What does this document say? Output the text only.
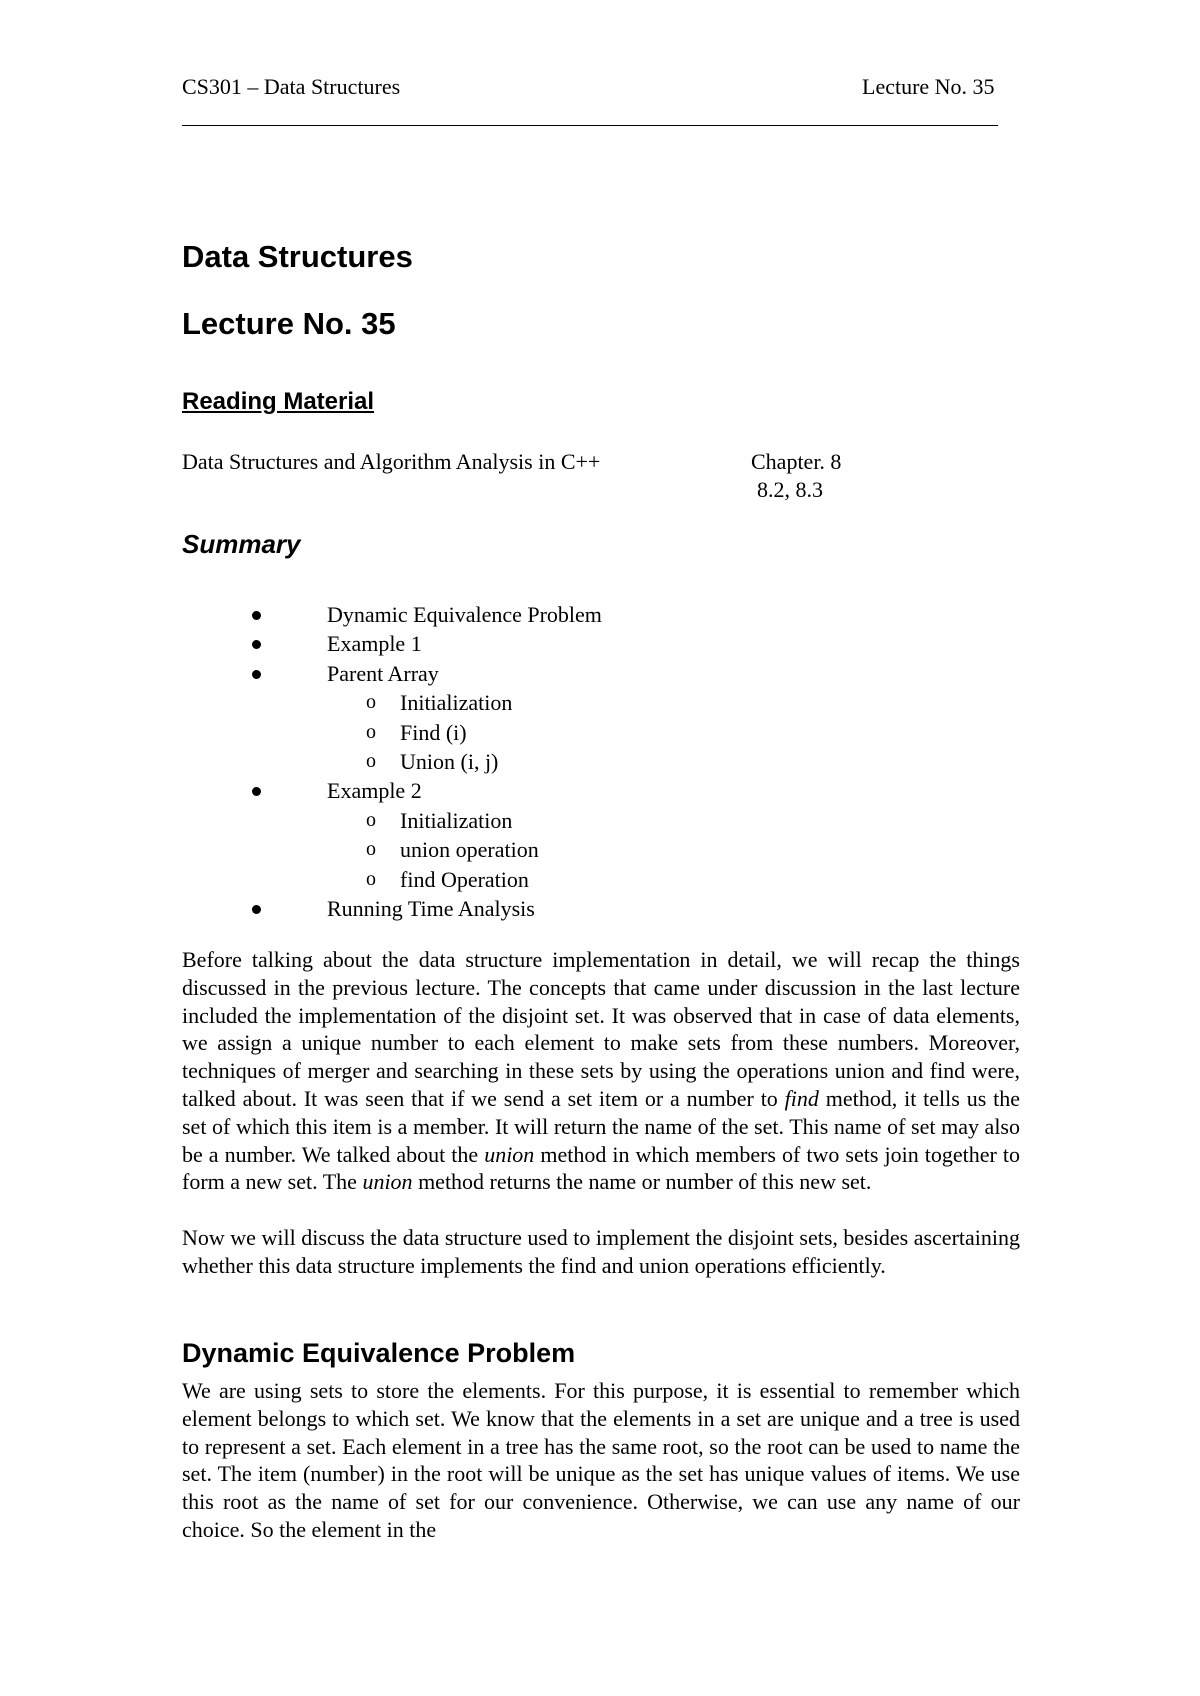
CS301 – Data Structures	Lecture No. 35
Data Structures
Lecture No. 35
Reading Material
Data Structures and Algorithm Analysis in C++	Chapter. 8
8.2, 8.3
Summary
Dynamic Equivalence Problem
Example 1
Parent Array
o Initialization
o Find (i)
o Union (i, j)
Example 2
o Initialization
o union operation
o find Operation
Running Time Analysis

Before talking about the data structure implementation in detail, we will recap the things discussed in the previous lecture. The concepts that came under discussion in the last lecture included the implementation of the disjoint set. It was observed that in case of data elements, we assign a unique number to each element to make sets from these numbers. Moreover, techniques of merger and searching in these sets by using the operations union and find were, talked about. It was seen that if we send a set item or a number to find method, it tells us the set of which this item is a member. It will return the name of the set. This name of set may also be a number. We talked about the union method in which members of two sets join together to form a new set. The union method returns the name or number of this new set.

Now we will discuss the data structure used to implement the disjoint sets, besides ascertaining whether this data structure implements the find and union operations efficiently.

Dynamic Equivalence Problem

We are using sets to store the elements. For this purpose, it is essential to remember which element belongs to which set. We know that the elements in a set are unique and a tree is used to represent a set. Each element in a tree has the same root, so the root can be used to name the set. The item (number) in the root will be unique as the set has unique values of items. We use this root as the name of set for our convenience. Otherwise, we can use any name of our choice. So the element in the
